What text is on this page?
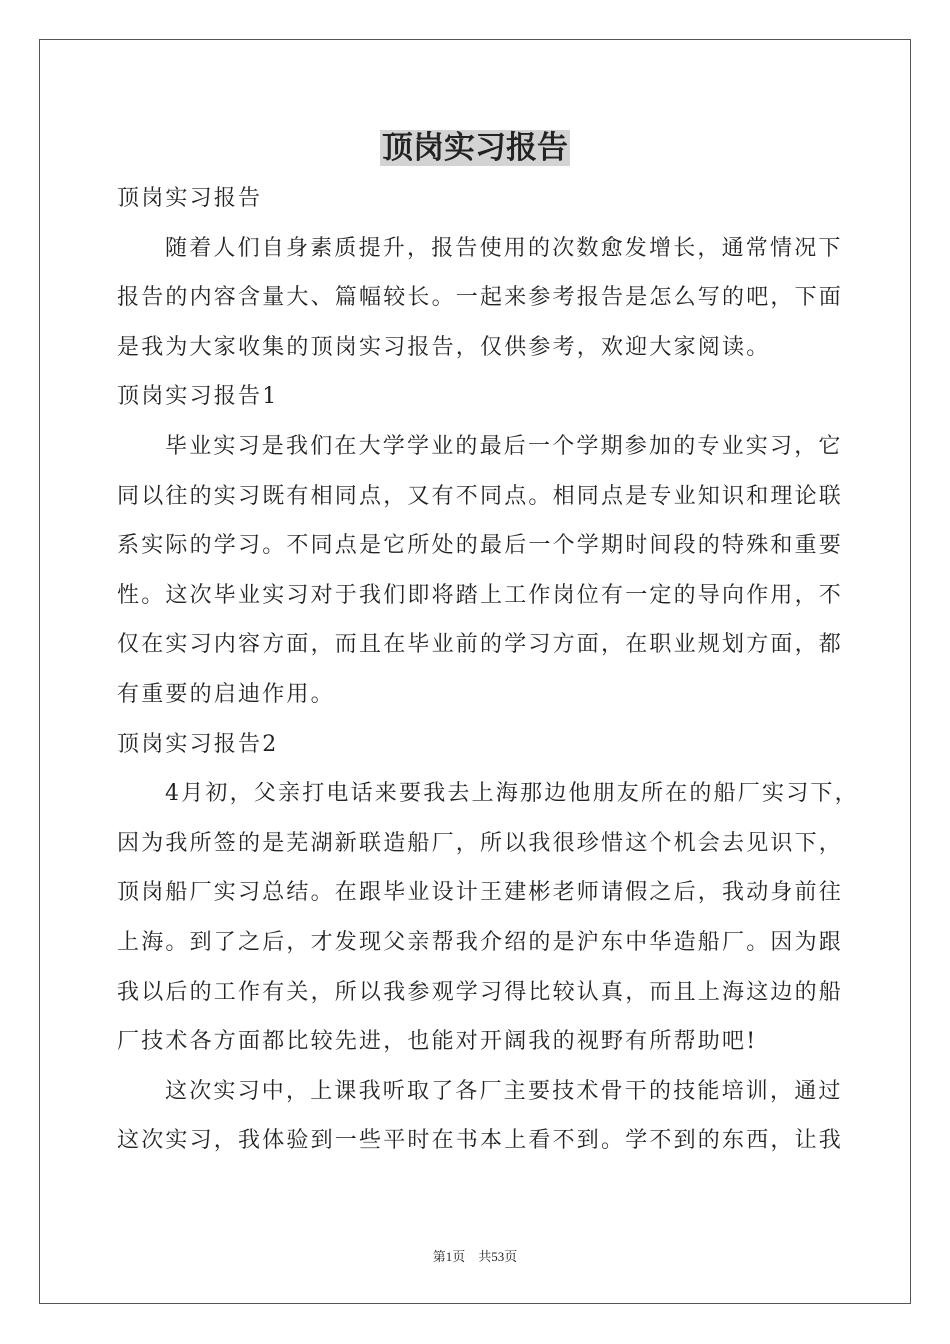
顶岗实习报告
顶岗实习报告
随着人们自身素质提升，报告使用的次数愈发增长，通常情况下
报告的内容含量大、篇幅较长。一起来参考报告是怎么写的吧，下面
是我为大家收集的顶岗实习报告，仅供参考，欢迎大家阅读。
顶岗实习报告1
毕业实习是我们在大学学业的最后一个学期参加的专业实习，它
同以往的实习既有相同点，又有不同点。相同点是专业知识和理论联
系实际的学习。不同点是它所处的最后一个学期时间段的特殊和重要
性。这次毕业实习对于我们即将踏上工作岗位有一定的导向作用，不
仅在实习内容方面，而且在毕业前的学习方面，在职业规划方面，都
有重要的启迪作用。
顶岗实习报告2
4月初，父亲打电话来要我去上海那边他朋友所在的船厂实习下，
因为我所签的是芜湖新联造船厂，所以我很珍惜这个机会去见识下，
顶岗船厂实习总结。在跟毕业设计王建彬老师请假之后，我动身前往
上海。到了之后，才发现父亲帮我介绍的是沪东中华造船厂。因为跟
我以后的工作有关，所以我参观学习得比较认真，而且上海这边的船
厂技术各方面都比较先进，也能对开阔我的视野有所帮助吧!
这次实习中，上课我听取了各厂主要技术骨干的技能培训，通过
这次实习，我体验到一些平时在书本上看不到。学不到的东西，让我
第1页　共53页
